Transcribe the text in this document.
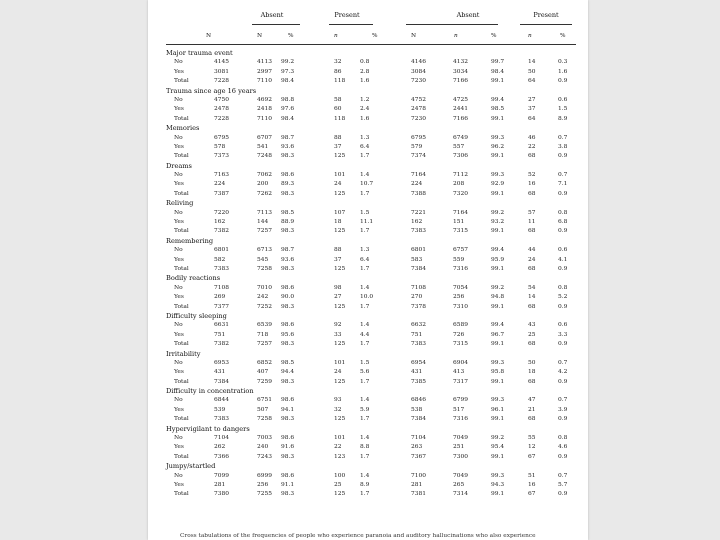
Absent	Present	Absent	Present
N	N	%	n	%	N	n	%	n	%
Major trauma event
No	4145	4113 99.2	32	0.8	4146	4132	99.7	14	0.3
Yes	3081	2997 97.3	86	2.8	3084	3034	98.4	50	1.6
Total	7228	7110 98.4	118	1.6	7230	7166	99.1	64	0.9
Trauma since age 16 years
No	4750	4692 98.8	58	1.2	4752	4725	99.4	27	0.6
Yes	2478	2418 97.6	60	2.4	2478	2441	98.5	37	1.5
Total	7228	7110 98.4	118	1.6	7230	7166	99.1	64	8.9
Memories
No	6795	6707 98.7	88	1.3	6795	6749	99.3	46	0.7
Yes	578	541 93.6	37	6.4	579	557	96.2	22	3.8
Total	7373	7248 98.3	125	1.7	7374	7306	99.1	68	0.9
Dreams
No	7163	7062 98.6	101	1.4	7164	7112	99.3	52	0.7
Yes	224	200 89.3	24	10.7	224	208	92.9	16	7.1
Total	7387	7262 98.3	125	1.7	7388	7320	99.1	68	0.9
Reliving
No	7220	7113 98.5	107	1.5	7221	7164	99.2	57	0.8
Yes	162	144 88.9	18	11.1	162	151	93.2	11	6.8
Total	7382	7257 98.3	125	1.7	7383	7315	99.1	68	0.9
Remembering
No	6801	6713 98.7	88	1.3	6801	6757	99.4	44	0.6
Yes	582	545 93.6	37	6.4	583	559	95.9	24	4.1
Total	7383	7258 98.3	125	1.7	7384	7316	99.1	68	0.9
Bodily reactions
No	7108	7010 98.6	98	1.4	7108	7054	99.2	54	0.8
Yes	269	242 90.0	27	10.0	270	256	94.8	14	5.2
Total	7377	7252 98.3	125	1.7	7378	7310	99.1	68	0.9
Difficulty sleeping
No	6631	6539 98.6	92	1.4	6632	6589	99.4	43	0.6
Yes	751	718 95.6	33	4.4	751	726	96.7	25	3.3
Total	7382	7257 98.3	125	1.7	7383	7315	99.1	68	0.9
Irritability
No	6953	6852 98.5	101	1.5	6954	6904	99.3	50	0.7
Yes	431	407 94.4	24	5.6	431	413	95.8	18	4.2
Total	7384	7259 98.3	125	1.7	7385	7317	99.1	68	0.9
Difficulty in concentration
No	6844	6751 98.6	93	1.4	6846	6799	99.3	47	0.7
Yes	539	507 94.1	32	5.9	538	517	96.1	21	3.9
Total	7383	7258 98.3	125	1.7	7384	7316	99.1	68	0.9
Hypervigilant to dangers
No	7104	7003 98.6	101	1.4	7104	7049	99.2	55	0.8
Yes	262	240 91.6	22	8.8	263	251	95.4	12	4.6
Total	7366	7243 98.3	123	1.7	7367	7300	99.1	67	0.9
Jumpy/startled
No	7099	6999 98.6	100	1.4	7100	7049	99.3	51	0.7
Yes	281	256 91.1	25	8.9	281	265	94.3	16	5.7
Total	7380	7255 98.3	125	1.7	7381	7314	99.1	67	0.9
Cross tabulations of the frequencies of people who experience paranoia and auditory hallucinations who also experience
